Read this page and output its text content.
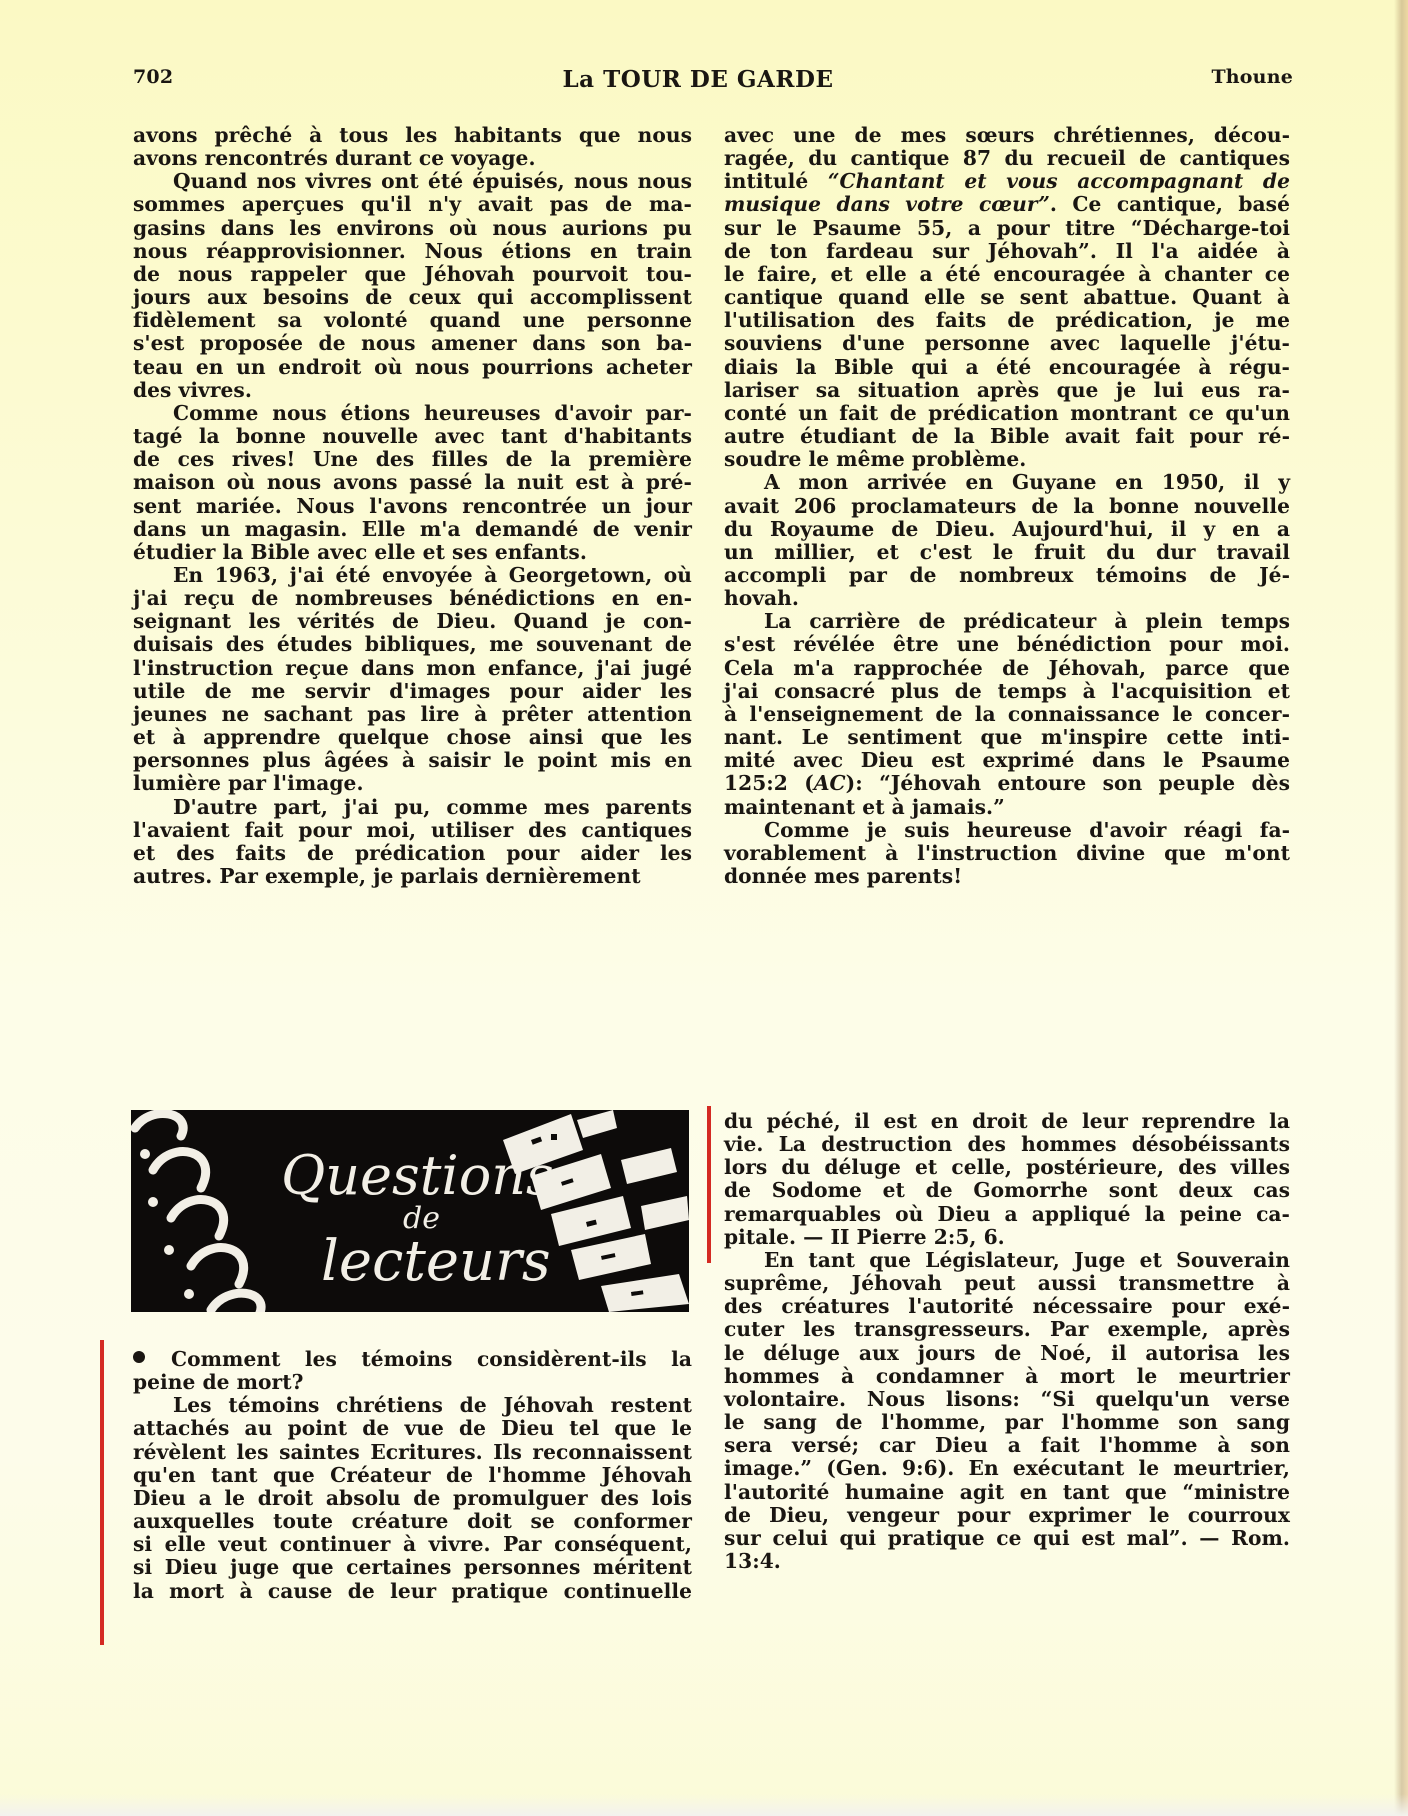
702	La TOUR DE GARDE	Thoune

avons prêché à tous les habitants que nous
avons rencontrés durant ce voyage.

Quand nos vivres ont été épuisés, nous nous
sommes aperçues qu'il n'y avait pas de ma-
gasins dans les environs où nous aurions pu
nous réapprovisionner. Nous étions en train
de nous rappeler que Jéhovah pourvoit tou-
jours aux besoins de ceux qui accomplissent
fidèlement sa volonté quand une personne
s'est proposée de nous amener dans son ba-
teau en un endroit où nous pourrions acheter
des vivres.

Comme nous étions heureuses d'avoir par-
tagé la bonne nouvelle avec tant d'habitants
de ces rives! Une des filles de la première
maison où nous avons passé la nuit est à pré-
sent mariée. Nous l'avons rencontrée un jour
dans un magasin. Elle m'a demandé de venir
étudier la Bible avec elle et ses enfants.

En 1963, j'ai été envoyée à Georgetown, où
j'ai reçu de nombreuses bénédictions en en-
seignant les vérités de Dieu. Quand je con-
duisais des études bibliques, me souvenant de
l'instruction reçue dans mon enfance, j'ai jugé
utile de me servir d'images pour aider les
jeunes ne sachant pas lire à prêter attention
et à apprendre quelque chose ainsi que les
personnes plus âgées à saisir le point mis en
lumière par l'image.

D'autre part, j'ai pu, comme mes parents
l'avaient fait pour moi, utiliser des cantiques
et des faits de prédication pour aider les
autres. Par exemple, je parlais dernièrement

avec une de mes sœurs chrétiennes, décou-
ragée, du cantique 87 du recueil de cantiques
intitulé “Chantant et vous accompagnant de
musique dans votre cœur”. Ce cantique, basé
sur le Psaume 55, a pour titre “Décharge-toi
de ton fardeau sur Jéhovah”. Il l'a aidée à
le faire, et elle a été encouragée à chanter ce
cantique quand elle se sent abattue. Quant à
l'utilisation des faits de prédication, je me
souviens d'une personne avec laquelle j'étu-
diais la Bible qui a été encouragée à régu-
lariser sa situation après que je lui eus ra-
conté un fait de prédication montrant ce qu'un
autre étudiant de la Bible avait fait pour ré-
soudre le même problème.

A mon arrivée en Guyane en 1950, il y
avait 206 proclamateurs de la bonne nouvelle
du Royaume de Dieu. Aujourd'hui, il y en a
un millier, et c'est le fruit du dur travail
accompli par de nombreux témoins de Jé-
hovah.

La carrière de prédicateur à plein temps
s'est révélée être une bénédiction pour moi.
Cela m'a rapprochée de Jéhovah, parce que
j'ai consacré plus de temps à l'acquisition et
à l'enseignement de la connaissance le concer-
nant. Le sentiment que m'inspire cette inti-
mité avec Dieu est exprimé dans le Psaume
125:2 (AC): “Jéhovah entoure son peuple dès
maintenant et à jamais.”

Comme je suis heureuse d'avoir réagi fa-
vorablement à l'instruction divine que m'ont
donnée mes parents!

Questions
de
lecteurs

Comment les témoins considèrent-ils la
peine de mort?

Les témoins chrétiens de Jéhovah restent
attachés au point de vue de Dieu tel que le
révèlent les saintes Ecritures. Ils reconnaissent
qu'en tant que Créateur de l'homme Jéhovah
Dieu a le droit absolu de promulguer des lois
auxquelles toute créature doit se conformer
si elle veut continuer à vivre. Par conséquent,
si Dieu juge que certaines personnes méritent
la mort à cause de leur pratique continuelle

du péché, il est en droit de leur reprendre la
vie. La destruction des hommes désobéissants
lors du déluge et celle, postérieure, des villes
de Sodome et de Gomorrhe sont deux cas
remarquables où Dieu a appliqué la peine ca-
pitale. — II Pierre 2:5, 6.

En tant que Législateur, Juge et Souverain
suprême, Jéhovah peut aussi transmettre à
des créatures l'autorité nécessaire pour exé-
cuter les transgresseurs. Par exemple, après
le déluge aux jours de Noé, il autorisa les
hommes à condamner à mort le meurtrier
volontaire. Nous lisons: “Si quelqu'un verse
le sang de l'homme, par l'homme son sang
sera versé; car Dieu a fait l'homme à son
image.” (Gen. 9:6). En exécutant le meurtrier,
l'autorité humaine agit en tant que “ministre
de Dieu, vengeur pour exprimer le courroux
sur celui qui pratique ce qui est mal”. — Rom.
13:4.
